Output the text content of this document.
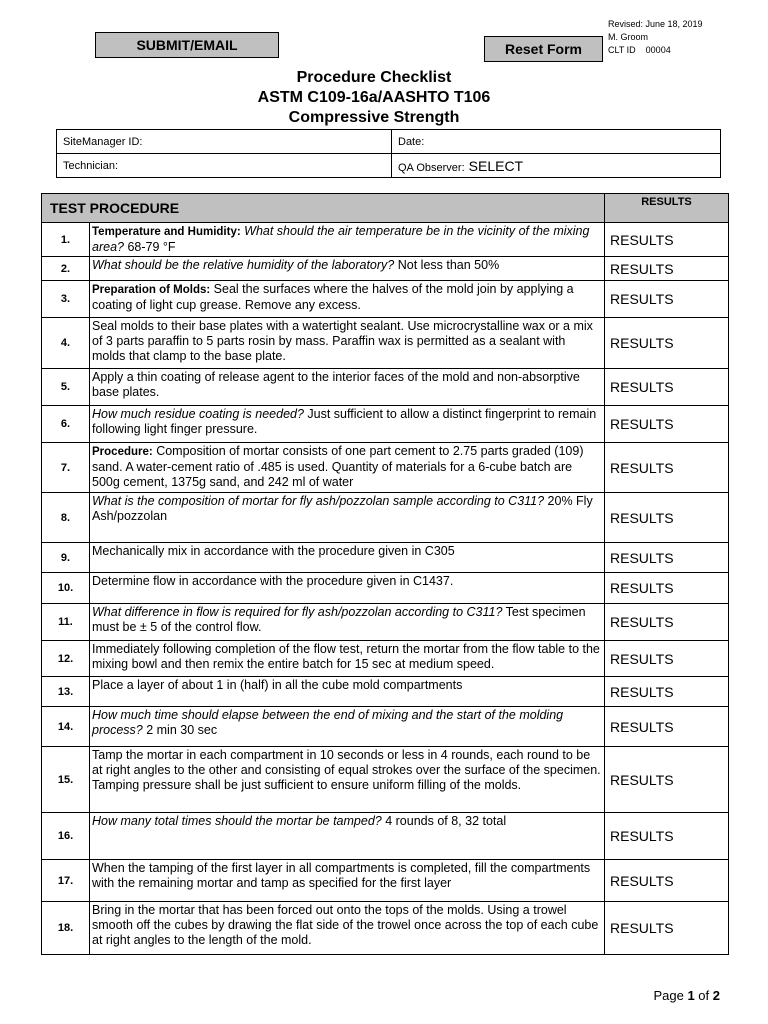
SUBMIT/EMAIL	Reset Form
Revised: June 18, 2019
M. Groom
CLT ID    00004
Procedure Checklist
ASTM C109-16a/AASHTO T106
Compressive Strength
SiteManager ID:	Date:
Technician:	QA Observer: SELECT
TEST PROCEDURE		RESULTS
1.	Temperature and Humidity: What should the air temperature be in the vicinity of the mixing area? 68-79 °F	RESULTS
2.	What should be the relative humidity of the laboratory? Not less than 50%	RESULTS
3.	Preparation of Molds: Seal the surfaces where the halves of the mold join by applying a coating of light cup grease. Remove any excess.	RESULTS
4.	Seal molds to their base plates with a watertight sealant. Use microcrystalline wax or a mix of 3 parts paraffin to 5 parts rosin by mass. Paraffin wax is permitted as a sealant with molds that clamp to the base plate.	RESULTS
5.	Apply a thin coating of release agent to the interior faces of the mold and non-absorptive base plates.	RESULTS
6.	How much residue coating is needed? Just sufficient to allow a distinct fingerprint to remain following light finger pressure.	RESULTS
7.	Procedure: Composition of mortar consists of one part cement to 2.75 parts graded (109) sand. A water-cement ratio of .485 is used. Quantity of materials for a 6-cube batch are 500g cement, 1375g sand, and 242 ml of water	RESULTS
8.	What is the composition of mortar for fly ash/pozzolan sample according to C311? 20% Fly Ash/pozzolan	RESULTS
9.	Mechanically mix in accordance with the procedure given in C305	RESULTS
10.	Determine flow in accordance with the procedure given in C1437.	RESULTS
11.	What difference in flow is required for fly ash/pozzolan according to C311? Test specimen must be ± 5 of the control flow.	RESULTS
12.	Immediately following completion of the flow test, return the mortar from the flow table to the mixing bowl and then remix the entire batch for 15 sec at medium speed.	RESULTS
13.	Place a layer of about 1 in (half) in all the cube mold compartments	RESULTS
14.	How much time should elapse between the end of mixing and the start of the molding process? 2 min 30 sec	RESULTS
15.	Tamp the mortar in each compartment in 10 seconds or less in 4 rounds, each round to be at right angles to the other and consisting of equal strokes over the surface of the specimen. Tamping pressure shall be just sufficient to ensure uniform filling of the molds.	RESULTS
16.	How many total times should the mortar be tamped? 4 rounds of 8, 32 total	RESULTS
17.	When the tamping of the first layer in all compartments is completed, fill the compartments with the remaining mortar and tamp as specified for the first layer	RESULTS
18.	Bring in the mortar that has been forced out onto the tops of the molds. Using a trowel smooth off the cubes by drawing the flat side of the trowel once across the top of each cube at right angles to the length of the mold.	RESULTS
Page 1 of 2
